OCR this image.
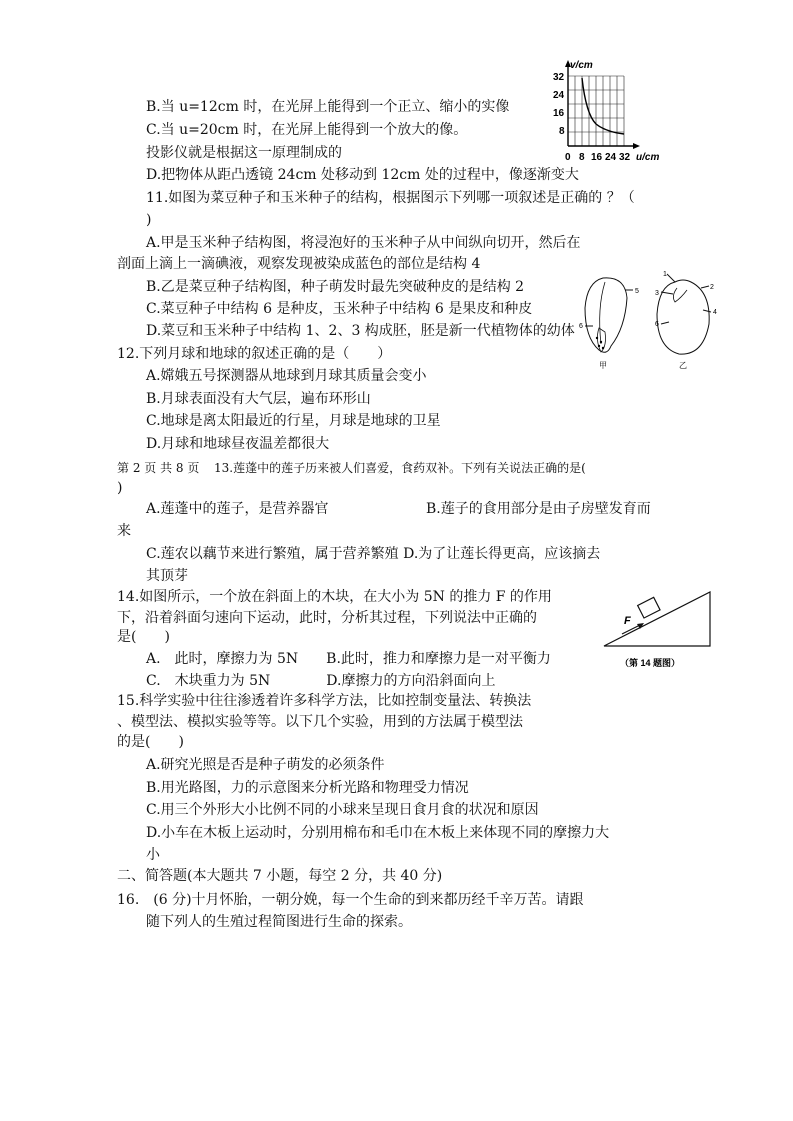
B.当 u=12cm 时，在光屏上能得到一个正立、缩小的实像
C.当 u=20cm 时，在光屏上能得到一个放大的像。
投影仪就是根据这一原理制成的
D.把物体从距凸透镜 24cm 处移动到 12cm 处的过程中，像逐渐变大
v/cm
u/cm
32
24
16
8
0 8 16 24 32
11.如图为菜豆种子和玉米种子的结构，根据图示下列哪一项叙述是正确的 ？（
)
A.甲是玉米种子结构图，将浸泡好的玉米种子从中间纵向切开，然后在
剖面上滴上一滴碘液，观察发现被染成蓝色的部位是结构 4
B.乙是菜豆种子结构图，种子萌发时最先突破种皮的是结构 2
C.菜豆种子中结构 6 是种皮，玉米种子中结构 6 是果皮和种皮
D.菜豆和玉米种子中结构 1、2、3 构成胚，胚是新一代植物体的幼体
5
6
甲
1
3
2
4
6
乙
12.下列月球和地球的叙述正确的是（　　）
A.嫦娥五号探测器从地球到月球其质量会变小
B.月球表面没有大气层，遍布环形山
C.地球是离太阳最近的行星，月球是地球的卫星
D.月球和地球昼夜温差都很大
第 2 页 共 8 页 13.莲蓬中的莲子历来被人们喜爱，食药双补。下列有关说法正确的是(
)
A.莲蓬中的莲子，是营养器官	B.莲子的食用部分是由子房壁发育而
来
C.莲农以藕节来进行繁殖，属于营养繁殖 D.为了让莲长得更高，应该摘去
其顶芽
14.如图所示，一个放在斜面上的木块，在大小为 5N 的推力 F 的作用
下，沿着斜面匀速向下运动，此时，分析其过程，下列说法中正确的
是(　　)
A.　此时，摩擦力为 5N　　B.此时，推力和摩擦力是一对平衡力
C.　木块重力为 5N　　　　D.摩擦力的方向沿斜面向上
F
（第 14 题图）
15.科学实验中往往渗透着许多科学方法，比如控制变量法、转换法
、模型法、模拟实验等等。以下几个实验，用到的方法属于模型法
的是(　　)
A.研究光照是否是种子萌发的必须条件
B.用光路图，力的示意图来分析光路和物理受力情况
C.用三个外形大小比例不同的小球来呈现日食月食的状况和原因
D.小车在木板上运动时，分别用棉布和毛巾在木板上来体现不同的摩擦力大
小
二、简答题(本大题共 7 小题，每空 2 分，共 40 分)
16.　(6 分)十月怀胎，一朝分娩，每一个生命的到来都历经千辛万苦。请跟
随下列人的生殖过程简图进行生命的探索。
